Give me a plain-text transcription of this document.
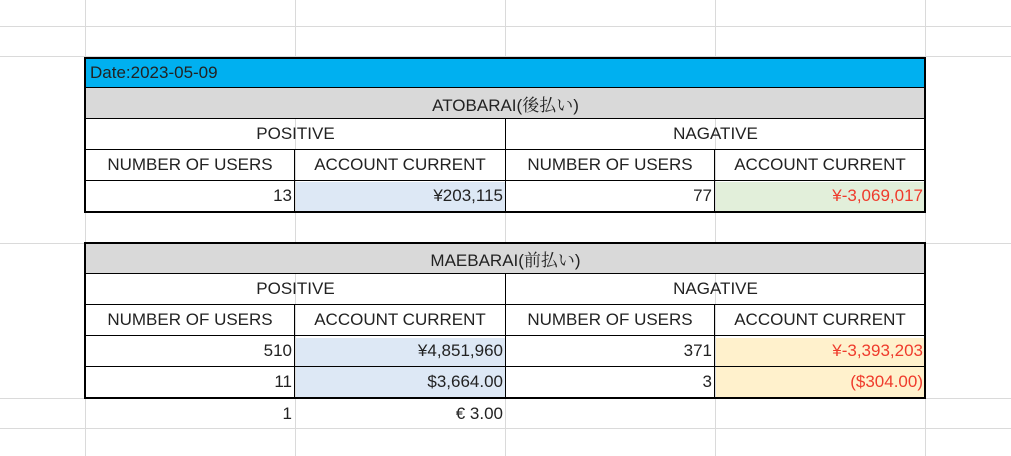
Date:2023-05-09
ATOBARAI(後払い)
POSITIVE	NAGATIVE
NUMBER OF USERS	ACCOUNT CURRENT	NUMBER OF USERS	ACCOUNT CURRENT
13	¥203,115	77	¥-3,069,017
MAEBARAI(前払い)
POSITIVE	NAGATIVE
NUMBER OF USERS	ACCOUNT CURRENT	NUMBER OF USERS	ACCOUNT CURRENT
510	¥4,851,960	371	¥-3,393,203
11	$3,664.00	3	($304.00)
1	€ 3.00
